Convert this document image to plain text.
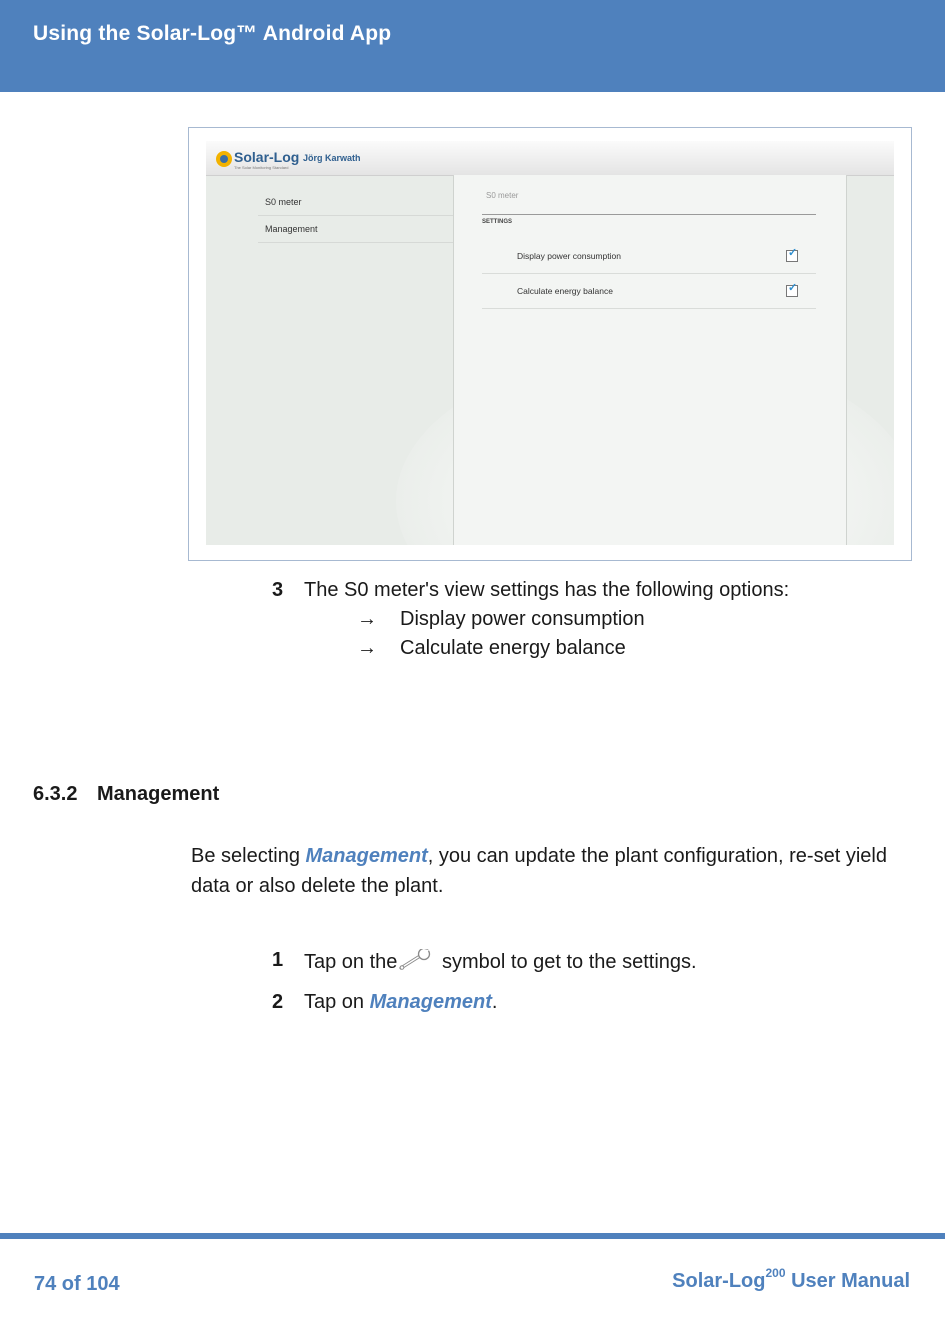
Using the Solar-Log™ Android App
Solar-Log
The Solar Monitoring Standard
Jörg Karwath
S0 meter
Management
S0 meter
SETTINGS
Display power consumption	✓
Calculate energy balance	✓
3 The S0 meter's view settings has the following options:
→ Display power consumption
→ Calculate energy balance
6.3.2 Management
Be selecting Management, you can update the plant configuration, re-set yield data or also delete the plant.
1 Tap on the symbol to get to the settings.
2 Tap on Management.
74 of 104	Solar-Log$^{200}$ User Manual
